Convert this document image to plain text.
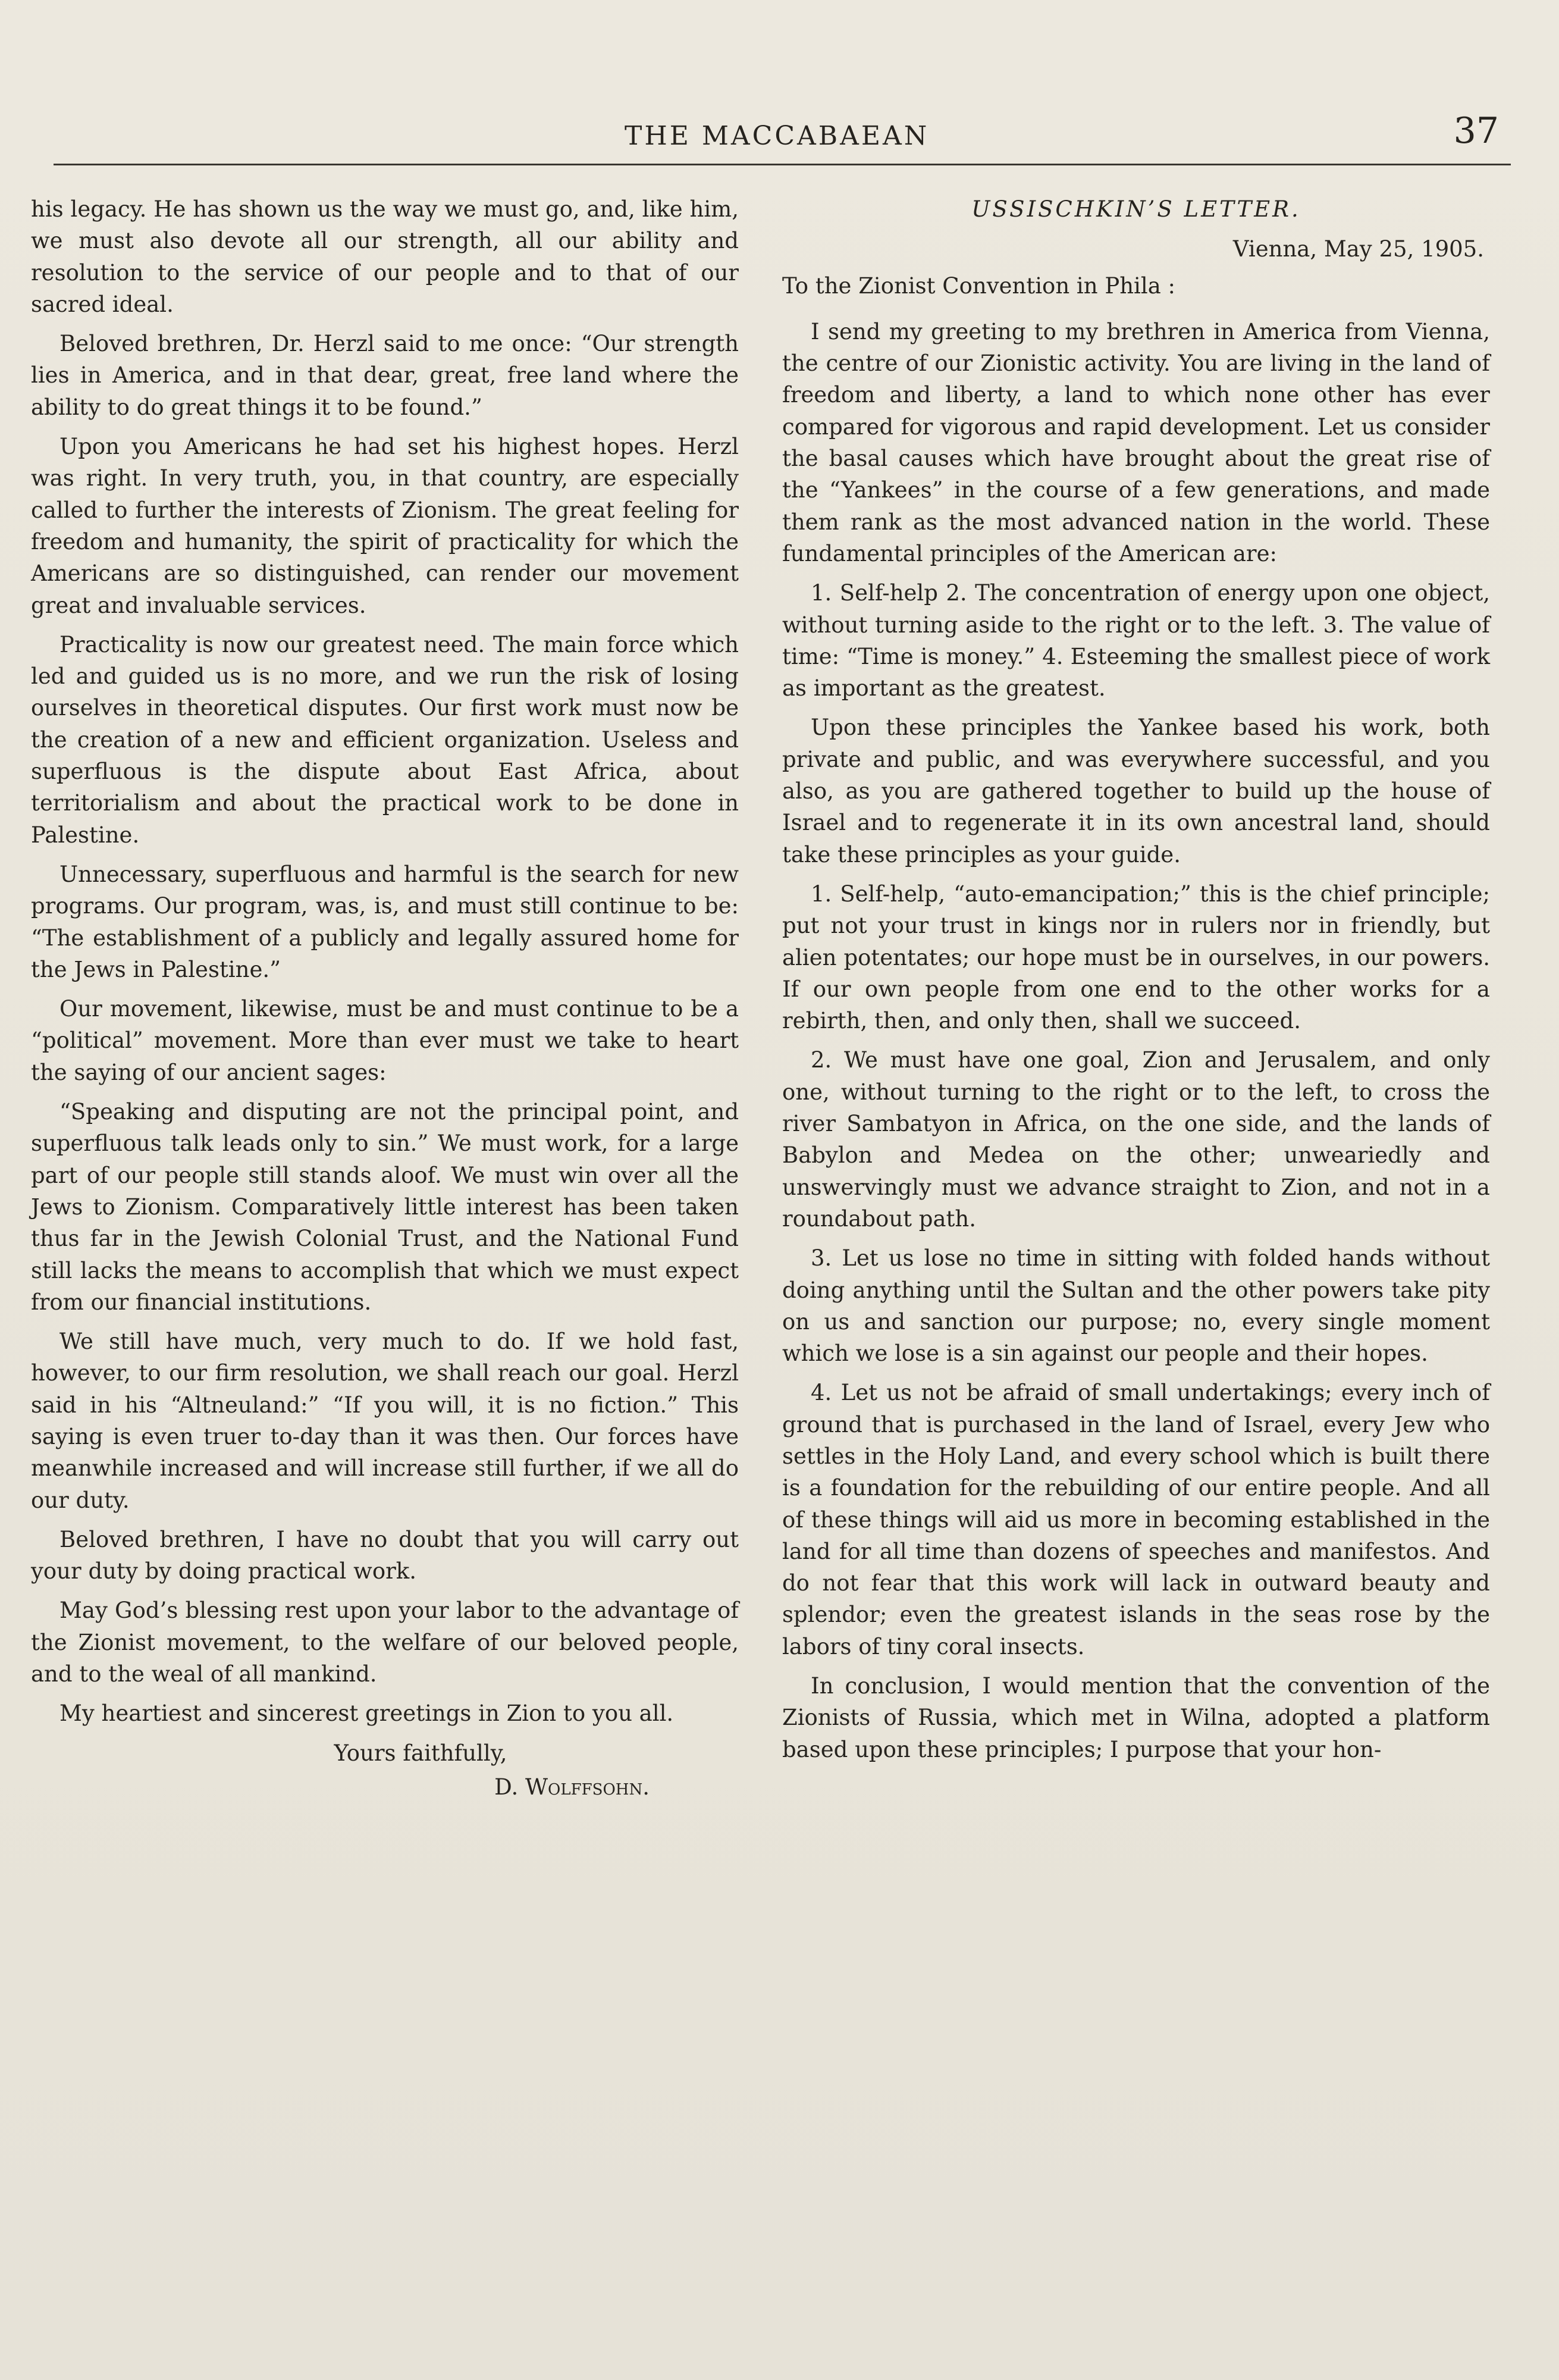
THE MACCABAEAN	37

his legacy. He has shown us the way we must go, and, like him, we must also devote all our strength, all our ability and resolution to the service of our people and to that of our sacred ideal.

Beloved brethren, Dr. Herzl said to me once: “Our strength lies in America, and in that dear, great, free land where the ability to do great things it to be found.”

Upon you Americans he had set his highest hopes. Herzl was right. In very truth, you, in that country, are especially called to further the interests of Zionism. The great feeling for freedom and humanity, the spirit of practicality for which the Americans are so distinguished, can render our movement great and invaluable services.

Practicality is now our greatest need. The main force which led and guided us is no more, and we run the risk of losing ourselves in theoretical disputes. Our first work must now be the creation of a new and efficient organization. Useless and superfluous is the dispute about East Africa, about territorialism and about the practical work to be done in Palestine.

Unnecessary, superfluous and harmful is the search for new programs. Our program, was, is, and must still continue to be: “The establishment of a publicly and legally assured home for the Jews in Palestine.”

Our movement, likewise, must be and must continue to be a “political” movement. More than ever must we take to heart the saying of our ancient sages:

“Speaking and disputing are not the principal point, and superfluous talk leads only to sin.” We must work, for a large part of our people still stands aloof. We must win over all the Jews to Zionism. Comparatively little interest has been taken thus far in the Jewish Colonial Trust, and the National Fund still lacks the means to accomplish that which we must expect from our financial institutions.

We still have much, very much to do. If we hold fast, however, to our firm resolution, we shall reach our goal. Herzl said in his “Altneuland:” “If you will, it is no fiction.” This saying is even truer to-day than it was then. Our forces have meanwhile increased and will increase still further, if we all do our duty.

Beloved brethren, I have no doubt that you will carry out your duty by doing practical work.

May God’s blessing rest upon your labor to the advantage of the Zionist movement, to the welfare of our beloved people, and to the weal of all mankind.

My heartiest and sincerest greetings in Zion to you all.

Yours faithfully,
D. Wolffsohn.
USSISCHKIN’S LETTER.
Vienna, May 25, 1905.
To the Zionist Convention in Phila :

I send my greeting to my brethren in America from Vienna, the centre of our Zionistic activity. You are living in the land of freedom and liberty, a land to which none other has ever compared for vigorous and rapid development. Let us consider the basal causes which have brought about the great rise of the “Yankees” in the course of a few generations, and made them rank as the most advanced nation in the world. These fundamental principles of the American are:

1. Self-help 2. The concentration of energy upon one object, without turning aside to the right or to the left. 3. The value of time: “Time is money.” 4. Esteeming the smallest piece of work as important as the greatest.

Upon these principles the Yankee based his work, both private and public, and was everywhere successful, and you also, as you are gathered together to build up the house of Israel and to regenerate it in its own ancestral land, should take these principles as your guide.

1. Self-help, “auto-emancipation;” this is the chief principle; put not your trust in kings nor in rulers nor in friendly, but alien potentates; our hope must be in ourselves, in our powers. If our own people from one end to the other works for a rebirth, then, and only then, shall we succeed.

2. We must have one goal, Zion and Jerusalem, and only one, without turning to the right or to the left, to cross the river Sambatyon in Africa, on the one side, and the lands of Babylon and Medea on the other; unweariedly and unswervingly must we advance straight to Zion, and not in a roundabout path.

3. Let us lose no time in sitting with folded hands without doing anything until the Sultan and the other powers take pity on us and sanction our purpose; no, every single moment which we lose is a sin against our people and their hopes.

4. Let us not be afraid of small undertakings; every inch of ground that is purchased in the land of Israel, every Jew who settles in the Holy Land, and every school which is built there is a foundation for the rebuilding of our entire people. And all of these things will aid us more in becoming established in the land for all time than dozens of speeches and manifestos. And do not fear that this work will lack in outward beauty and splendor; even the greatest islands in the seas rose by the labors of tiny coral insects.

In conclusion, I would mention that the convention of the Zionists of Russia, which met in Wilna, adopted a platform based upon these principles; I purpose that your hon-
